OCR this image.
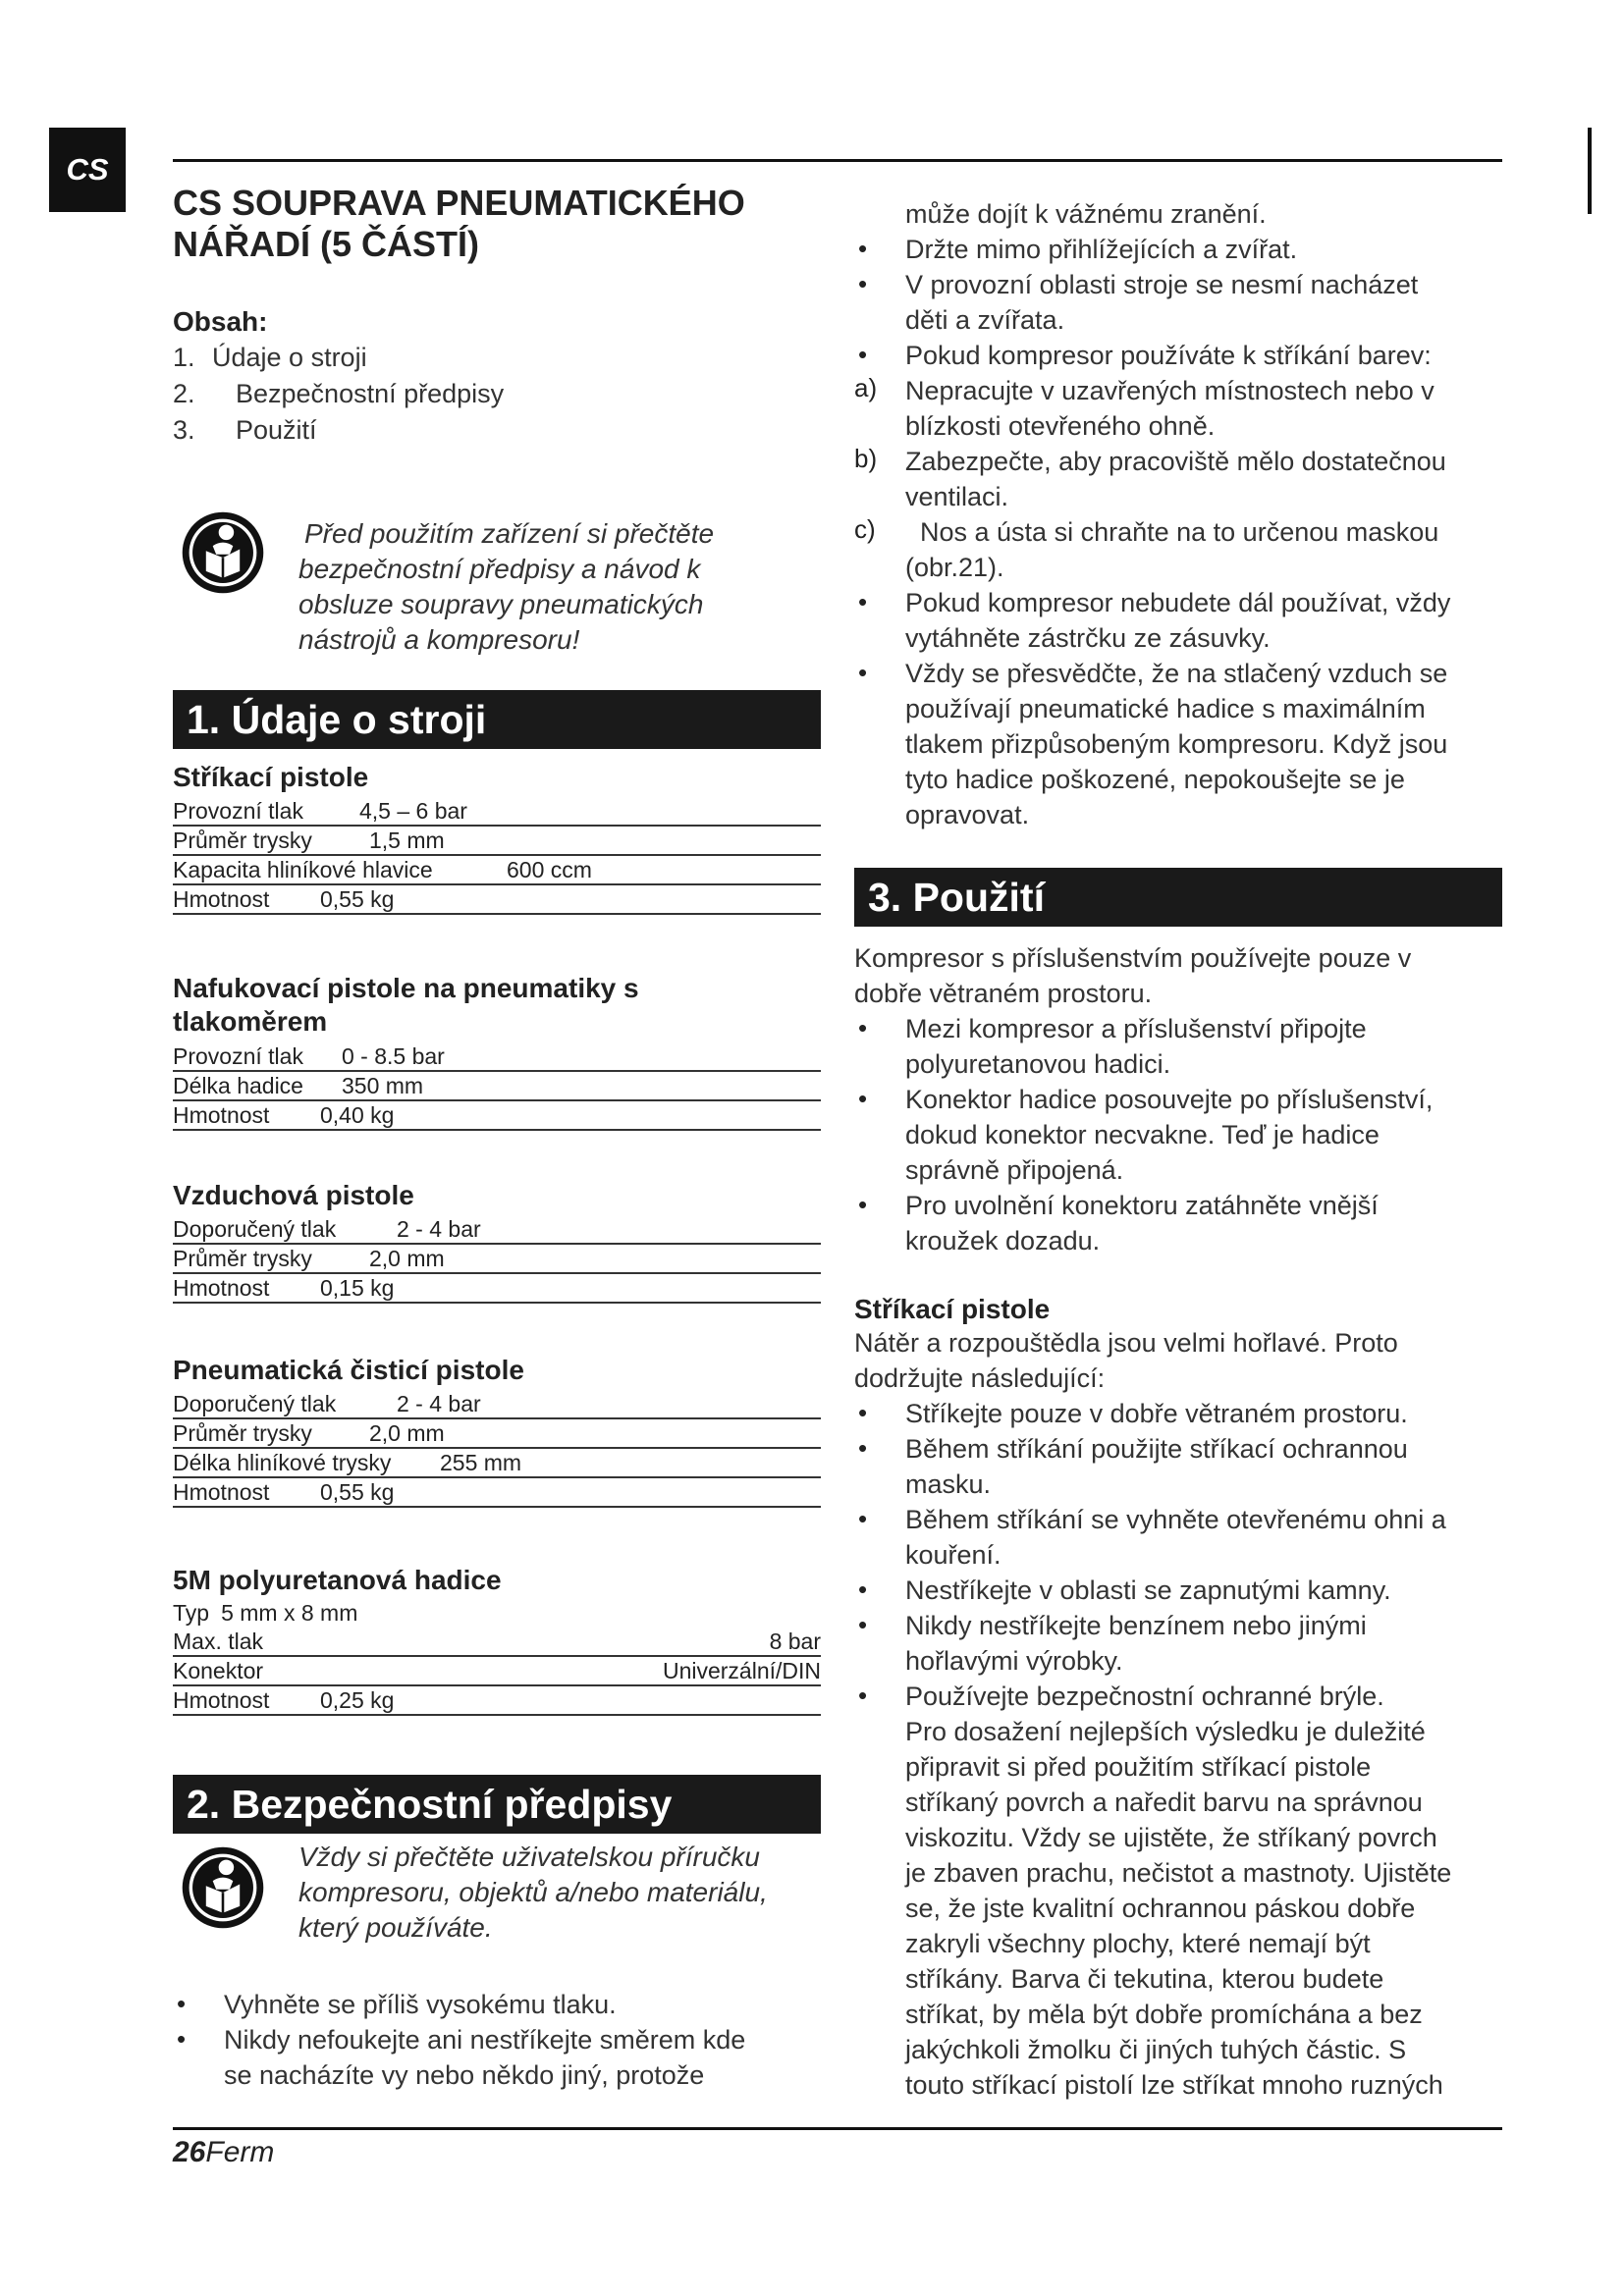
CS
CS SOUPRAVA PNEUMATICKÉHO
NÁŘADÍ (5 ČÁSTÍ)
Obsah:
1. Údaje o stroji
2. Bezpečnostní předpisy
3. Použití
Před použitím zařízení si přečtěte
bezpečnostní předpisy a návod k
obsluze soupravy pneumatických
nástrojů a kompresoru!
1. Údaje o stroji
Stříkací pistole
Provozní tlak 4,5 – 6 bar
Průměr trysky	1,5 mm
Kapacita hliníkové hlavice	600 ccm
Hmotnost 0,55 kg
Nafukovací pistole na pneumatiky s
tlakoměrem
Provozní tlak 0 - 8.5 bar
Délka hadice 350 mm
Hmotnost 0,40 kg
Vzduchová pistole
Doporučený tlak	2 - 4 bar
Průměr trysky	2,0 mm
Hmotnost 0,15 kg
Pneumatická čisticí pistole
Doporučený tlak	2 - 4 bar
Průměr trysky	2,0 mm
Délka hliníkové trysky 255 mm
Hmotnost 0,55 kg
5M polyuretanová hadice
Typ 5 mm x 8 mm
Max. tlak	8 bar
Konektor	Univerzální/DIN
Hmotnost 0,25 kg
2. Bezpečnostní předpisy
Vždy si přečtěte uživatelskou příručku
kompresoru, objektů a/nebo materiálu,
který používáte.
• Vyhněte se příliš vysokému tlaku.
• Nikdy nefoukejte ani nestříkejte směrem kde
se nacházíte vy nebo někdo jiný, protože
může dojít k vážnému zranění.
• Držte mimo přihlížejících a zvířat.
• V provozní oblasti stroje se nesmí nacházet
děti a zvířata.
• Pokud kompresor používáte k stříkání barev:
a) Nepracujte v uzavřených místnostech nebo v
blízkosti otevřeného ohně.
b) Zabezpečte, aby pracoviště mělo dostatečnou
ventilaci.
c) Nos a ústa si chraňte na to určenou maskou
(obr.21).
• Pokud kompresor nebudete dál používat, vždy
vytáhněte zástrčku ze zásuvky.
• Vždy se přesvědčte, že na stlačený vzduch se
používají pneumatické hadice s maximálním
tlakem přizpůsobeným kompresoru. Když jsou
tyto hadice poškozené, nepokoušejte se je
opravovat.
3. Použití
Kompresor s příslušenstvím používejte pouze v
dobře větraném prostoru.
• Mezi kompresor a příslušenství připojte
polyuretanovou hadici.
• Konektor hadice posouvejte po příslušenství,
dokud konektor necvakne. Teď je hadice
správně připojená.
• Pro uvolnění konektoru zatáhněte vnější
kroužek dozadu.
Stříkací pistole
Nátěr a rozpouštědla jsou velmi hořlavé. Proto
dodržujte následující:
• Stříkejte pouze v dobře větraném prostoru.
• Během stříkání použijte stříkací ochrannou
masku.
• Během stříkání se vyhněte otevřenému ohni a
kouření.
• Nestříkejte v oblasti se zapnutými kamny.
• Nikdy nestříkejte benzínem nebo jinými
hořlavými výrobky.
• Používejte bezpečnostní ochranné brýle.
Pro dosažení nejlepších výsledku je duležité
připravit si před použitím stříkací pistole
stříkaný povrch a naředit barvu na správnou
viskozitu. Vždy se ujistěte, že stříkaný povrch
je zbaven prachu, nečistot a mastnoty. Ujistěte
se, že jste kvalitní ochrannou páskou dobře
zakryli všechny plochy, které nemají být
stříkány. Barva či tekutina, kterou budete
stříkat, by měla být dobře promíchána a bez
jakýchkoli žmolku či jiných tuhých částic. S
touto stříkací pistolí lze stříkat mnoho ruzných
26Ferm
